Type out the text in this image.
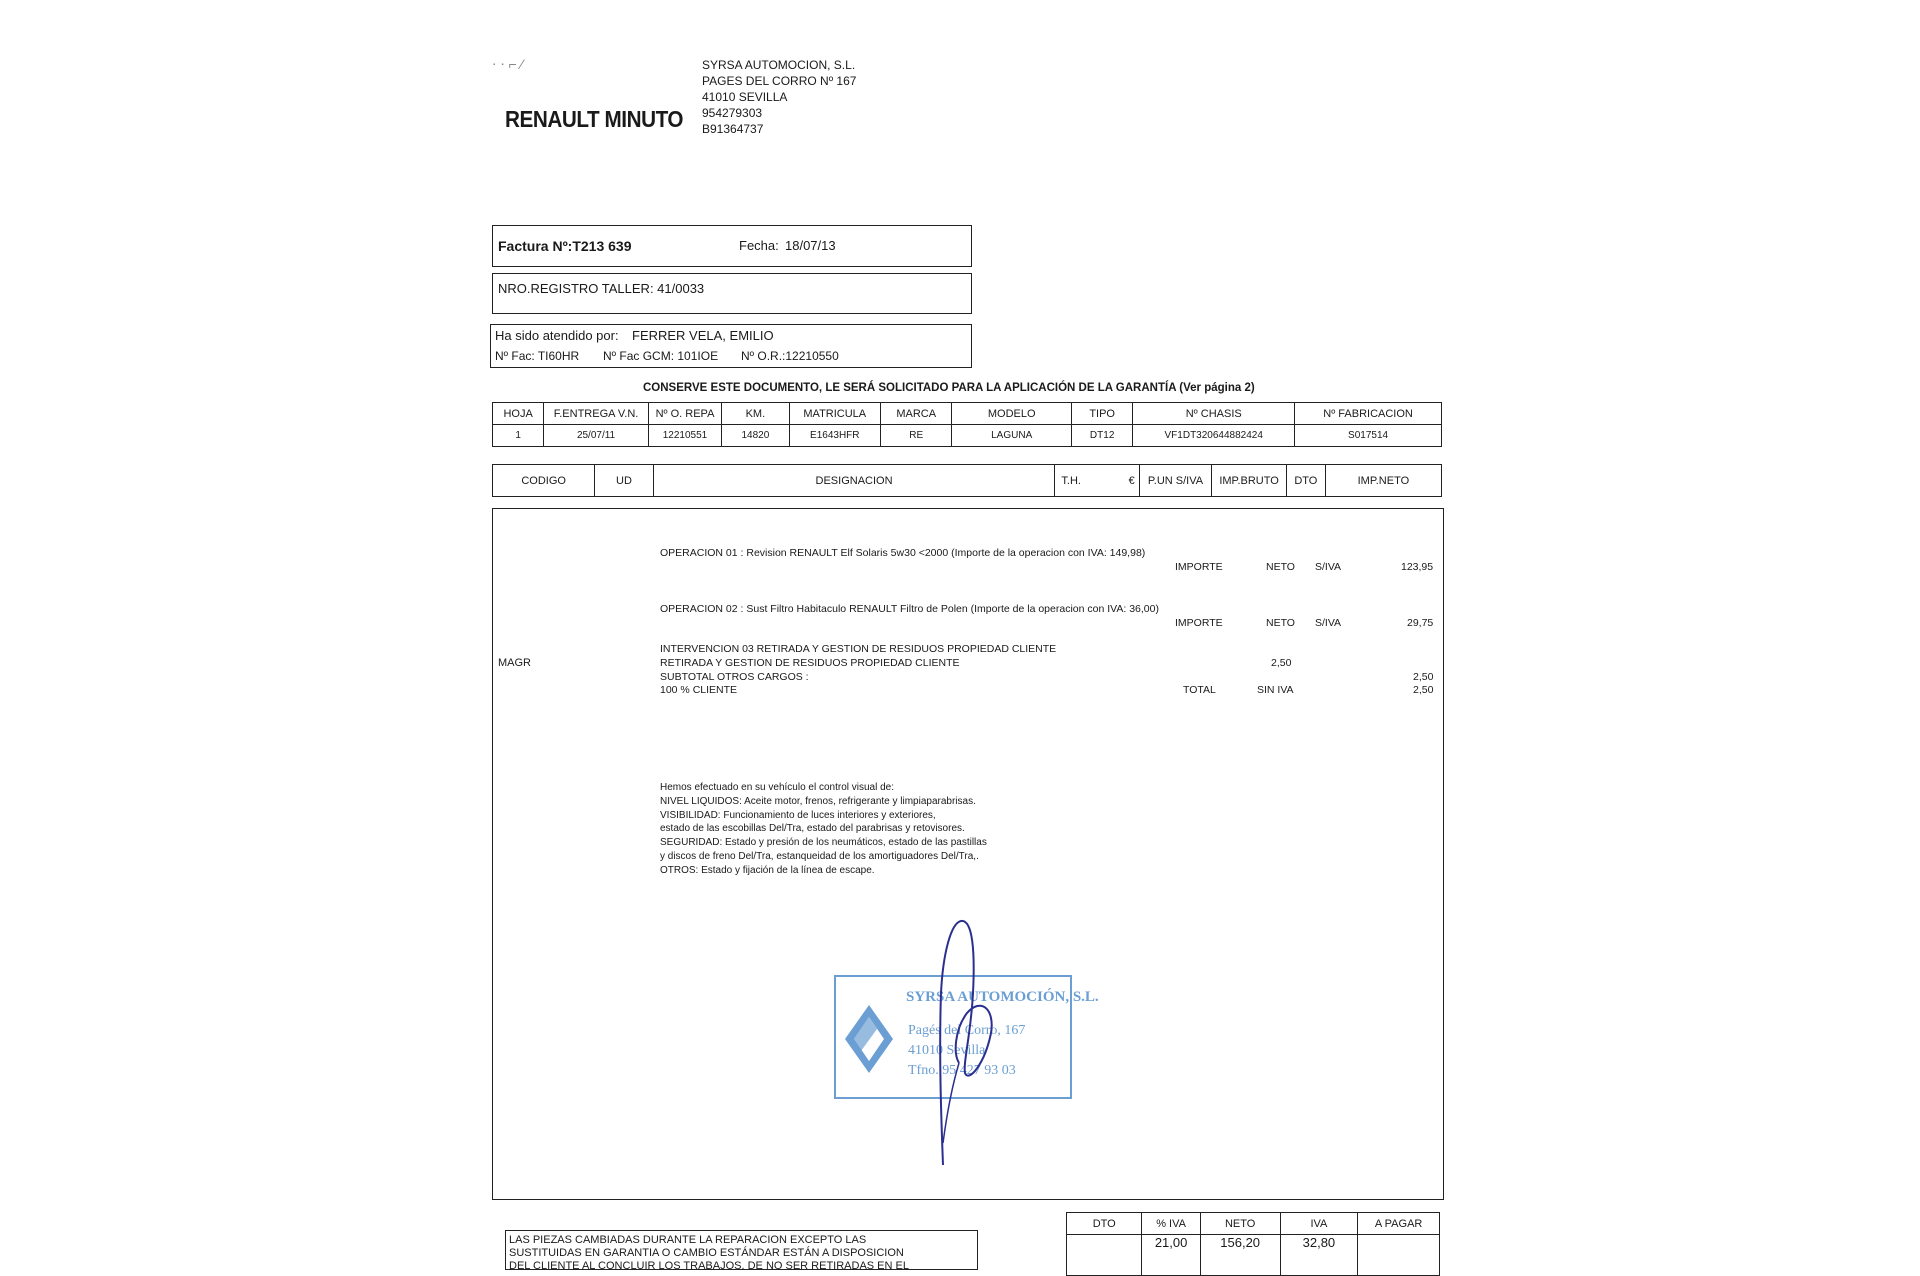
⋅ ⋅ ⌐ ⁄
RENAULT MINUTO
SYRSA AUTOMOCION, S.L.
PAGES DEL CORRO Nº 167
41010 SEVILLA
954279303
B91364737
Factura Nº:T213 639	Fecha: 18/07/13
NRO.REGISTRO TALLER: 41/0033
Ha sido atendido por: FERRER VELA, EMILIO
Nº Fac: TI60HR Nº Fac GCM: 101IOE Nº O.R.:12210550
CONSERVE ESTE DOCUMENTO, LE SERÁ SOLICITADO PARA LA APLICACIÓN DE LA GARANTÍA (Ver página 2)
HOJA	F.ENTREGA V.N.	Nº O. REPA	KM.	MATRICULA	MARCA	MODELO	TIPO	Nº CHASIS	Nº FABRICACION
1	25/07/11	12210551	14820	E1643HFR	RE	LAGUNA	DT12	VF1DT320644882424	S017514
CODIGO	UD	DESIGNACION	T.H.	€	P.UN S/IVA	IMP.BRUTO	DTO	IMP.NETO
OPERACION 01 : Revision RENAULT Elf Solaris 5w30 <2000 (Importe de la operacion con IVA: 149,98)
IMPORTE	NETO S/IVA	123,95
OPERACION 02 : Sust Filtro Habitaculo RENAULT Filtro de Polen (Importe de la operacion con IVA: 36,00)
IMPORTE	NETO S/IVA	29,75
MAGR
INTERVENCION 03 RETIRADA Y GESTION DE RESIDUOS PROPIEDAD CLIENTE
RETIRADA Y GESTION DE RESIDUOS PROPIEDAD CLIENTE	2,50
SUBTOTAL OTROS CARGOS :	2,50
100 % CLIENTE	TOTAL	SIN IVA	2,50
Hemos efectuado en su vehículo el control visual de:
NIVEL LIQUIDOS: Aceite motor, frenos, refrigerante y limpiaparabrisas.
VISIBILIDAD: Funcionamiento de luces interiores y exteriores,
estado de las escobillas Del/Tra, estado del parabrisas y retovisores.
SEGURIDAD: Estado y presión de los neumáticos, estado de las pastillas
y discos de freno Del/Tra, estanqueidad de los amortiguadores Del/Tra,.
OTROS: Estado y fijación de la línea de escape.
SYRSA AUTOMOCIÓN, S.L.
Pagés del Corro, 167
41010 Sevilla
Tfno. 95 427 93 03
LAS PIEZAS CAMBIADAS DURANTE LA REPARACION EXCEPTO LAS
SUSTITUIDAS EN GARANTIA O CAMBIO ESTÁNDAR ESTÁN A DISPOSICION
DEL CLIENTE AL CONCLUIR LOS TRABAJOS. DE NO SER RETIRADAS EN EL
DTO	% IVA	NETO	IVA	A PAGAR
	21,00	156,20	32,80	
